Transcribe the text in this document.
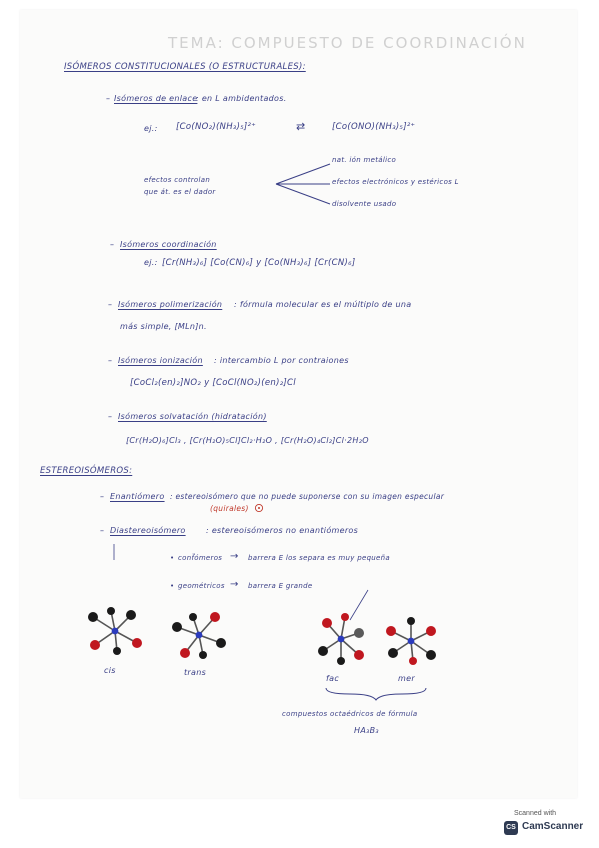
TEMA: COMPUESTO DE COORDINACIÓN
ISÓMEROS CONSTITUCIONALES (O ESTRUCTURALES):
– Isómeros de enlace
: en L ambidentados.
ej.: [Co(NO₂)(NH₃)₅]²⁺	⇄	[Co(ONO)(NH₃)₅]²⁺
efectos controlan
que át. es el dador
nat. ión metálico
efectos electrónicos y estéricos L
disolvente usado
– Isómeros coordinación
ej.: [Cr(NH₃)₆] [Co(CN)₆] y [Co(NH₃)₆] [Cr(CN)₆]
– Isómeros polimerización : fórmula molecular es el múltiplo de una
más simple, [MLn]n.
– Isómeros ionización : intercambio L por contraiones
[CoCl₂(en)₂]NO₂ y [CoCl(NO₂)(en)₂]Cl
– Isómeros solvatación (hidratación)
[Cr(H₂O)₆]Cl₃ , [Cr(H₂O)₅Cl]Cl₂·H₂O , [Cr(H₂O)₄Cl₂]Cl·2H₂O
ESTEREOISÓMEROS:
– Enantiómero : estereoisómero que no puede suponerse con su imagen especular
(quirales)
– Diastereoisómero	: estereoisómeros no enantiómeros
• conf̈ómeros → barrera E los separa es muy pequeña
• geométricos → barrera E grande
cis	trans
fac	mer
compuestos octaédricos de fórmula
HA₃B₃
Scanned with
CS CamScanner
